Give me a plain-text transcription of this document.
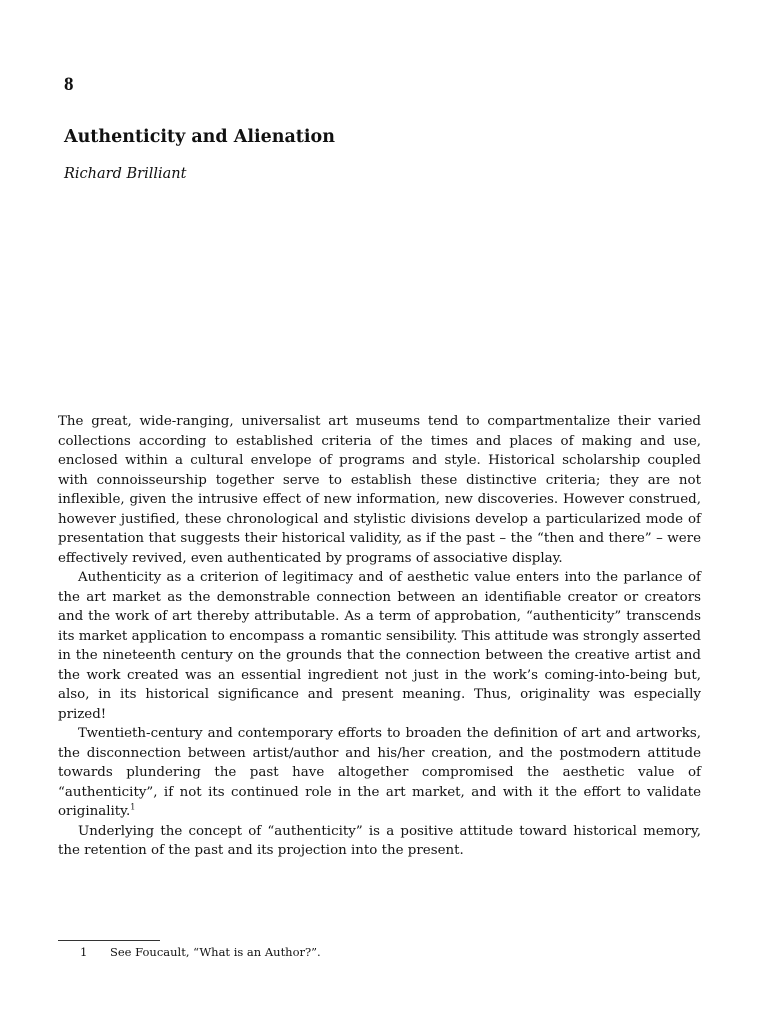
8
Authenticity and Alienation
Richard Brilliant

The great, wide-ranging, universalist art museums tend to compartmentalize their varied collections according to established criteria of the times and places of making and use, enclosed within a cultural envelope of programs and style. Historical scholarship coupled with connoisseurship together serve to establish these distinctive criteria; they are not inflexible, given the intrusive effect of new information, new discoveries. However construed, however justified, these chronological and stylistic divisions develop a particularized mode of presentation that suggests their historical validity, as if the past – the “then and there” – were effectively revived, even authenticated by programs of associative display.

Authenticity as a criterion of legitimacy and of aesthetic value enters into the parlance of the art market as the demonstrable connection between an identifiable creator or creators and the work of art thereby attributable. As a term of approbation, “authenticity” transcends its market application to encompass a romantic sensibility. This attitude was strongly asserted in the nineteenth century on the grounds that the connection between the creative artist and the work created was an essential ingredient not just in the work’s coming-into-being but, also, in its historical significance and present meaning. Thus, originality was especially prized!

Twentieth-century and contemporary efforts to broaden the definition of art and artworks, the disconnection between artist/author and his/her creation, and the postmodern attitude towards plundering the past have altogether compromised the aesthetic value of “authenticity”, if not its continued role in the art market, and with it the effort to validate originality.$^1$

Underlying the concept of “authenticity” is a positive attitude toward historical memory, the retention of the past and its projection into the present.

1 See Foucault, “What is an Author?”.
